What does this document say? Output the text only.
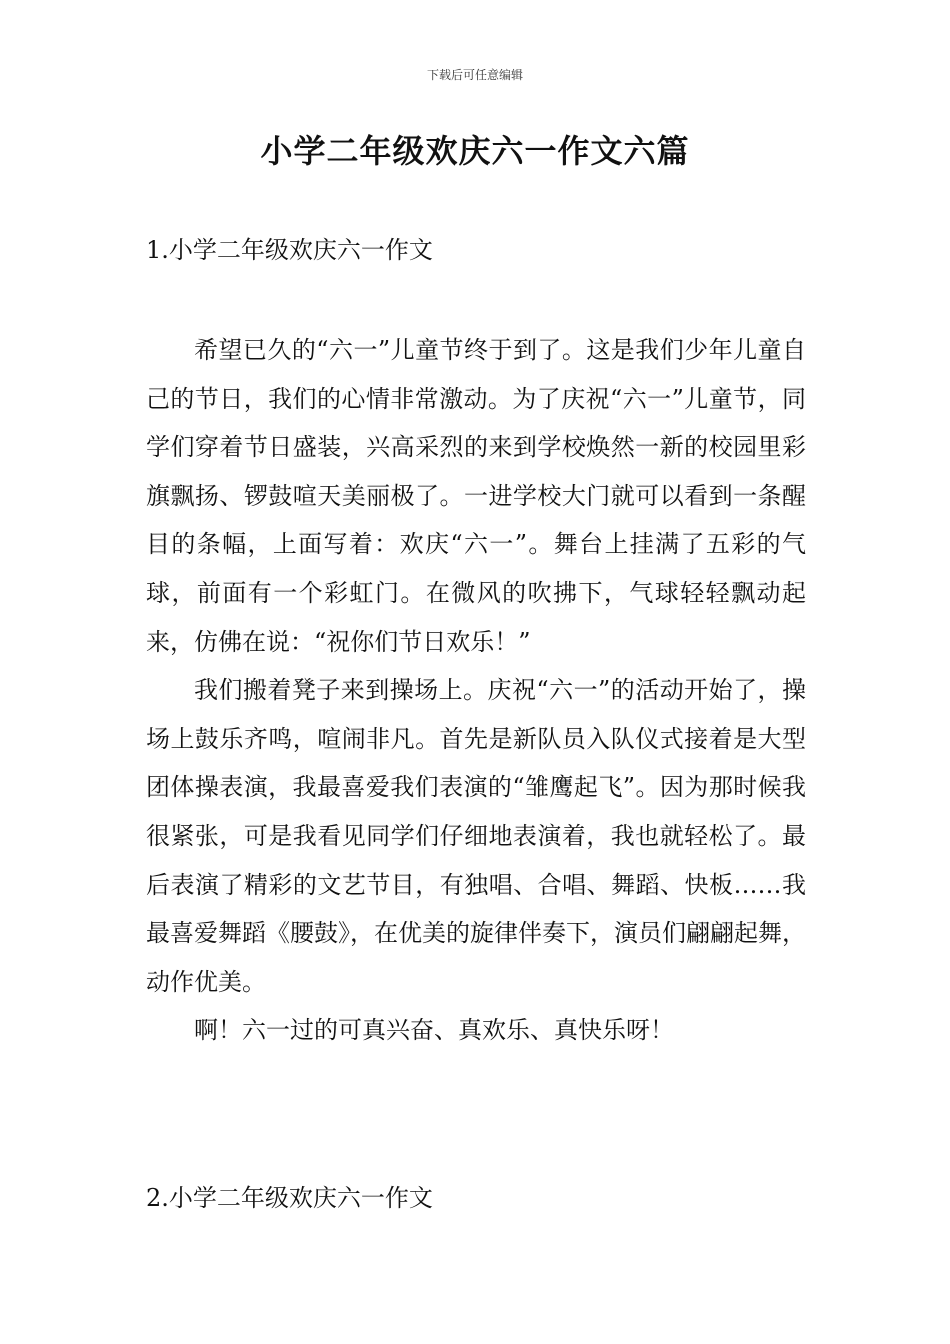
下载后可任意编辑
小学二年级欢庆六一作文六篇
1.小学二年级欢庆六一作文

希望已久的“六一”儿童节终于到了。这是我们少年儿童自己的节日，我们的心情非常激动。为了庆祝“六一”儿童节，同学们穿着节日盛装，兴高采烈的来到学校焕然一新的校园里彩旗飘扬、锣鼓喧天美丽极了。一进学校大门就可以看到一条醒目的条幅，上面写着：欢庆“六一”。舞台上挂满了五彩的气球，前面有一个彩虹门。在微风的吹拂下，气球轻轻飘动起来，仿佛在说：“祝你们节日欢乐！”

我们搬着凳子来到操场上。庆祝“六一”的活动开始了，操场上鼓乐齐鸣，喧闹非凡。首先是新队员入队仪式接着是大型团体操表演，我最喜爱我们表演的“雏鹰起飞”。因为那时候我很紧张，可是我看见同学们仔细地表演着，我也就轻松了。最后表演了精彩的文艺节目，有独唱、合唱、舞蹈、快板……我最喜爱舞蹈《腰鼓》，在优美的旋律伴奏下，演员们翩翩起舞，动作优美。

啊！六一过的可真兴奋、真欢乐、真快乐呀！

2.小学二年级欢庆六一作文
